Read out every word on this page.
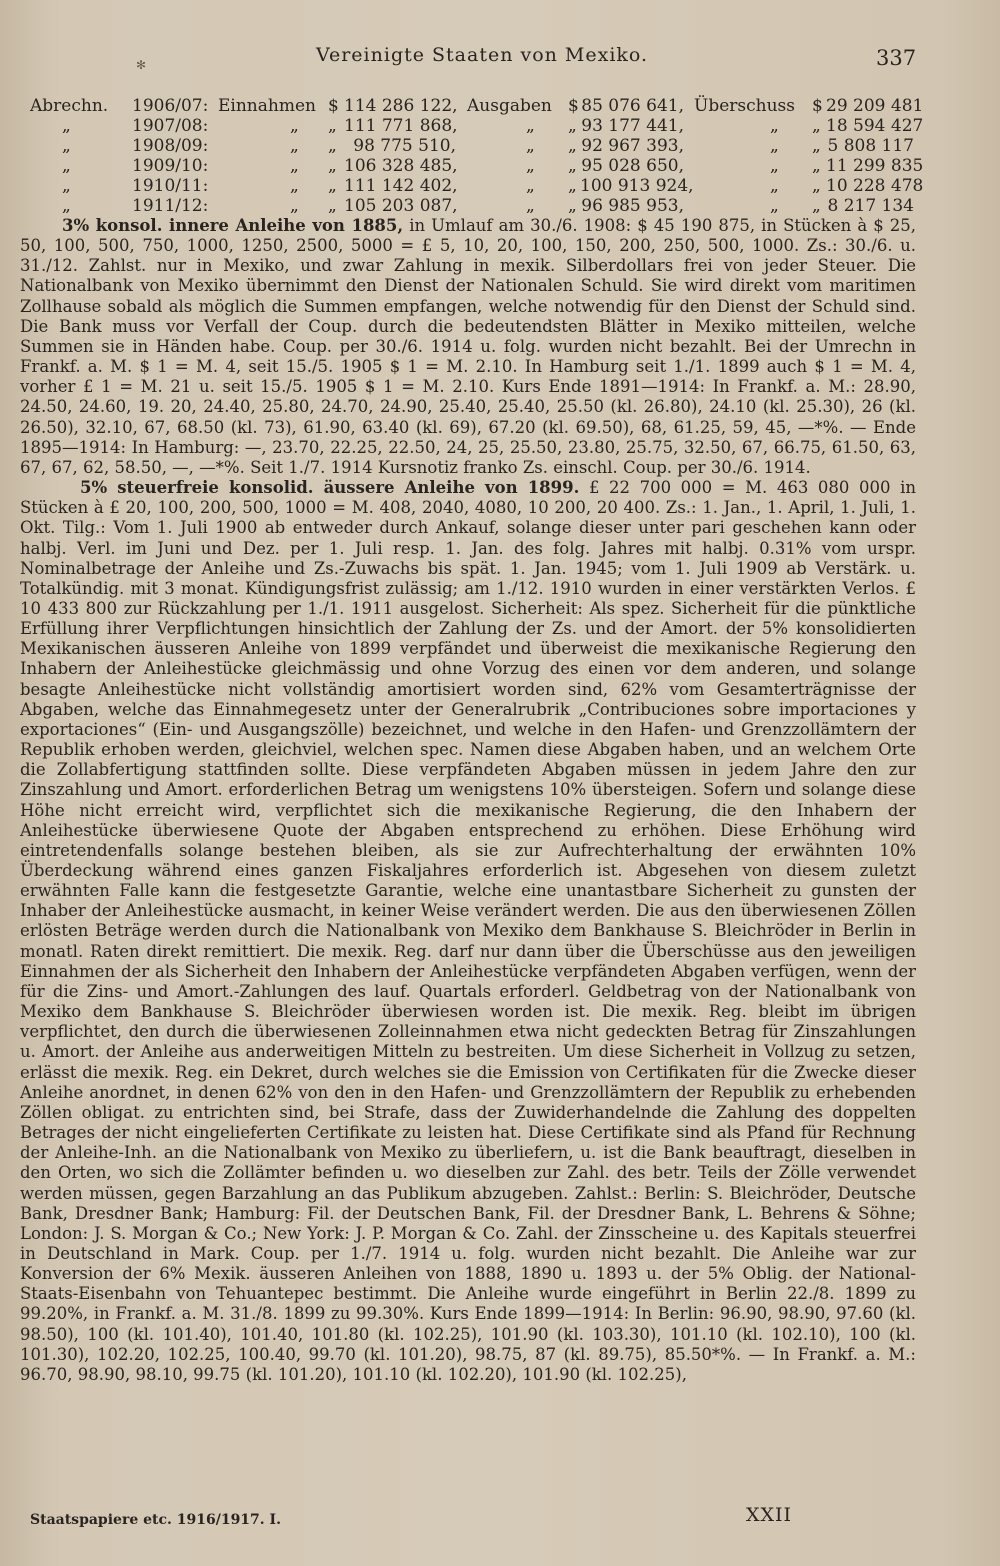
✻	Vereinigte Staaten von Mexiko.	337
Abrechn. 1906/07: Einnahmen $ 114 286 122, Ausgaben $ 85 076 641, Überschuss $ 29 209 481
„	1907/08:	„ „ 111 771 868,	„ „ 93 177 441,	„ „ 18 594 427
„	1908/09:	„ „ 98 775 510,	„ „ 92 967 393,	„ „ 5 808 117
„	1909/10:	„ „ 106 328 485,	„ „ 95 028 650,	„ „ 11 299 835
„	1910/11:	„ „ 111 142 402,	„ „ 100 913 924,	„ „ 10 228 478
„	1911/12:	„ „ 105 203 087,	„ „ 96 985 953,	„ „ 8 217 134

3% konsol. innere Anleihe von 1885, in Umlauf am 30./6. 1908: $ 45 190 875, in Stücken à $ 25, 50, 100, 500, 750, 1000, 1250, 2500, 5000 = £ 5, 10, 20, 100, 150, 200, 250, 500, 1000. Zs.: 30./6. u. 31./12. Zahlst. nur in Mexiko, und zwar Zahlung in mexik. Silberdollars frei von jeder Steuer. Die Nationalbank von Mexiko übernimmt den Dienst der Nationalen Schuld. Sie wird direkt vom maritimen Zollhause sobald als möglich die Summen empfangen, welche notwendig für den Dienst der Schuld sind. Die Bank muss vor Verfall der Coup. durch die bedeutendsten Blätter in Mexiko mitteilen, welche Summen sie in Händen habe. Coup. per 30./6. 1914 u. folg. wurden nicht bezahlt. Bei der Umrechn in Frankf. a. M. $ 1 = M. 4, seit 15./5. 1905 $ 1 = M. 2.10. In Hamburg seit 1./1. 1899 auch $ 1 = M. 4, vorher £ 1 = M. 21 u. seit 15./5. 1905 $ 1 = M. 2.10. Kurs Ende 1891—1914: In Frankf. a. M.: 28.90, 24.50, 24.60, 19. 20, 24.40, 25.80, 24.70, 24.90, 25.40, 25.40, 25.50 (kl. 26.80), 24.10 (kl. 25.30), 26 (kl. 26.50), 32.10, 67, 68.50 (kl. 73), 61.90, 63.40 (kl. 69), 67.20 (kl. 69.50), 68, 61.25, 59, 45, —*%. — Ende 1895—1914: In Hamburg: —, 23.70, 22.25, 22.50, 24, 25, 25.50, 23.80, 25.75, 32.50, 67, 66.75, 61.50, 63, 67, 67, 62, 58.50, —, —*%. Seit 1./7. 1914 Kursnotiz franko Zs. einschl. Coup. per 30./6. 1914.

5% steuerfreie konsolid. äussere Anleihe von 1899. £ 22 700 000 = M. 463 080 000 in Stücken à £ 20, 100, 200, 500, 1000 = M. 408, 2040, 4080, 10 200, 20 400. Zs.: 1. Jan., 1. April, 1. Juli, 1. Okt. Tilg.: Vom 1. Juli 1900 ab entweder durch Ankauf, solange dieser unter pari geschehen kann oder halbj. Verl. im Juni und Dez. per 1. Juli resp. 1. Jan. des folg. Jahres mit halbj. 0.31% vom urspr. Nominalbetrage der Anleihe und Zs.-Zuwachs bis spät. 1. Jan. 1945; vom 1. Juli 1909 ab Verstärk. u. Totalkündig. mit 3 monat. Kündigungsfrist zulässig; am 1./12. 1910 wurden in einer verstärkten Verlos. £ 10 433 800 zur Rückzahlung per 1./1. 1911 ausgelost. Sicherheit: Als spez. Sicherheit für die pünktliche Erfüllung ihrer Verpflichtungen hinsichtlich der Zahlung der Zs. und der Amort. der 5% konsolidierten Mexikanischen äusseren Anleihe von 1899 verpfändet und überweist die mexikanische Regierung den Inhabern der Anleihestücke gleichmässig und ohne Vorzug des einen vor dem anderen, und solange besagte Anleihestücke nicht vollständig amortisiert worden sind, 62% vom Gesamterträgnisse der Abgaben, welche das Einnahmegesetz unter der Generalrubrik „Contribuciones sobre importaciones y exportaciones“ (Ein- und Ausgangszölle) bezeichnet, und welche in den Hafen- und Grenzzollämtern der Republik erhoben werden, gleichviel, welchen spec. Namen diese Abgaben haben, und an welchem Orte die Zollabfertigung stattfinden sollte. Diese verpfändeten Abgaben müssen in jedem Jahre den zur Zinszahlung und Amort. erforderlichen Betrag um wenigstens 10% übersteigen. Sofern und solange diese Höhe nicht erreicht wird, verpflichtet sich die mexikanische Regierung, die den Inhabern der Anleihestücke überwiesene Quote der Abgaben entsprechend zu erhöhen. Diese Erhöhung wird eintretendenfalls solange bestehen bleiben, als sie zur Aufrechterhaltung der erwähnten 10% Überdeckung während eines ganzen Fiskaljahres erforderlich ist. Abgesehen von diesem zuletzt erwähnten Falle kann die festgesetzte Garantie, welche eine unantastbare Sicherheit zu gunsten der Inhaber der Anleihestücke ausmacht, in keiner Weise verändert werden. Die aus den überwiesenen Zöllen erlösten Beträge werden durch die Nationalbank von Mexiko dem Bankhause S. Bleichröder in Berlin in monatl. Raten direkt remittiert. Die mexik. Reg. darf nur dann über die Überschüsse aus den jeweiligen Einnahmen der als Sicherheit den Inhabern der Anleihestücke verpfändeten Abgaben verfügen, wenn der für die Zins- und Amort.-Zahlungen des lauf. Quartals erforderl. Geldbetrag von der Nationalbank von Mexiko dem Bankhause S. Bleichröder überwiesen worden ist. Die mexik. Reg. bleibt im übrigen verpflichtet, den durch die überwiesenen Zolleinnahmen etwa nicht gedeckten Betrag für Zinszahlungen u. Amort. der Anleihe aus anderweitigen Mitteln zu bestreiten. Um diese Sicherheit in Vollzug zu setzen, erlässt die mexik. Reg. ein Dekret, durch welches sie die Emission von Certifikaten für die Zwecke dieser Anleihe anordnet, in denen 62% von den in den Hafen- und Grenzzollämtern der Republik zu erhebenden Zöllen obligat. zu entrichten sind, bei Strafe, dass der Zuwiderhandelnde die Zahlung des doppelten Betrages der nicht eingelieferten Certifikate zu leisten hat. Diese Certifikate sind als Pfand für Rechnung der Anleihe-Inh. an die Nationalbank von Mexiko zu überliefern, u. ist die Bank beauftragt, dieselben in den Orten, wo sich die Zollämter befinden u. wo dieselben zur Zahl. des betr. Teils der Zölle verwendet werden müssen, gegen Barzahlung an das Publikum abzugeben. Zahlst.: Berlin: S. Bleichröder, Deutsche Bank, Dresdner Bank; Hamburg: Fil. der Deutschen Bank, Fil. der Dresdner Bank, L. Behrens & Söhne; London: J. S. Morgan & Co.; New York: J. P. Morgan & Co. Zahl. der Zinsscheine u. des Kapitals steuerfrei in Deutschland in Mark. Coup. per 1./7. 1914 u. folg. wurden nicht bezahlt. Die Anleihe war zur Konversion der 6% Mexik. äusseren Anleihen von 1888, 1890 u. 1893 u. der 5% Oblig. der National-Staats-Eisenbahn von Tehuantepec bestimmt. Die Anleihe wurde eingeführt in Berlin 22./8. 1899 zu 99.20%, in Frankf. a. M. 31./8. 1899 zu 99.30%. Kurs Ende 1899—1914: In Berlin: 96.90, 98.90, 97.60 (kl. 98.50), 100 (kl. 101.40), 101.40, 101.80 (kl. 102.25), 101.90 (kl. 103.30), 101.10 (kl. 102.10), 100 (kl. 101.30), 102.20, 102.25, 100.40, 99.70 (kl. 101.20), 98.75, 87 (kl. 89.75), 85.50*%. — In Frankf. a. M.: 96.70, 98.90, 98.10, 99.75 (kl. 101.20), 101.10 (kl. 102.20), 101.90 (kl. 102.25),

Staatspapiere etc. 1916/1917. I.	XXII
